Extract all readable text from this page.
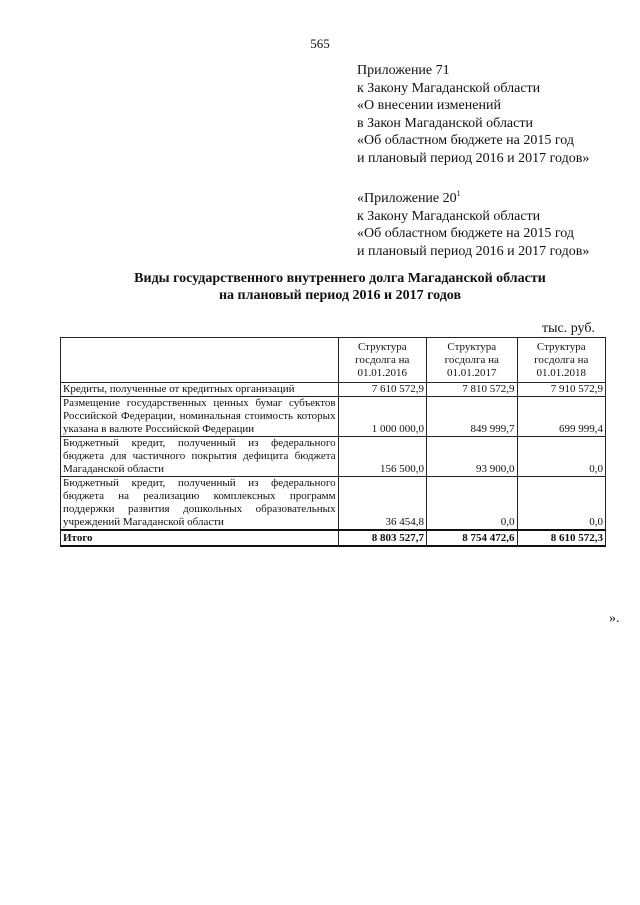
565
Приложение 71
к Закону Магаданской области
«О внесении изменений
в Закон Магаданской области
«Об областном бюджете на 2015 год
и плановый период 2016 и 2017 годов»
«Приложение $20^1$
к Закону Магаданской области
«Об областном бюджете на 2015 год
и плановый период 2016 и 2017 годов»
Виды государственного внутреннего долга Магаданской области
на плановый период 2016 и 2017 годов
тыс. руб.
	Структура госдолга на 01.01.2016	Структура госдолга на 01.01.2017	Структура госдолга на 01.01.2018
Кредиты, полученные от кредитных организаций	7 610 572,9	7 810 572,9	7 910 572,9
Размещение государственных ценных бумаг субъектов Российской Федерации, номинальная стоимость которых указана в валюте Российской Федерации	1 000 000,0	849 999,7	699 999,4
Бюджетный кредит, полученный из федерального бюджета для частичного покрытия дефицита бюджета Магаданской области	156 500,0	93 900,0	0,0
Бюджетный кредит, полученный из федерального бюджета на реализацию комплексных программ поддержки развития дошкольных образовательных учреждений Магаданской области	36 454,8	0,0	0,0
Итого	8 803 527,7	8 754 472,6	8 610 572,3
».
